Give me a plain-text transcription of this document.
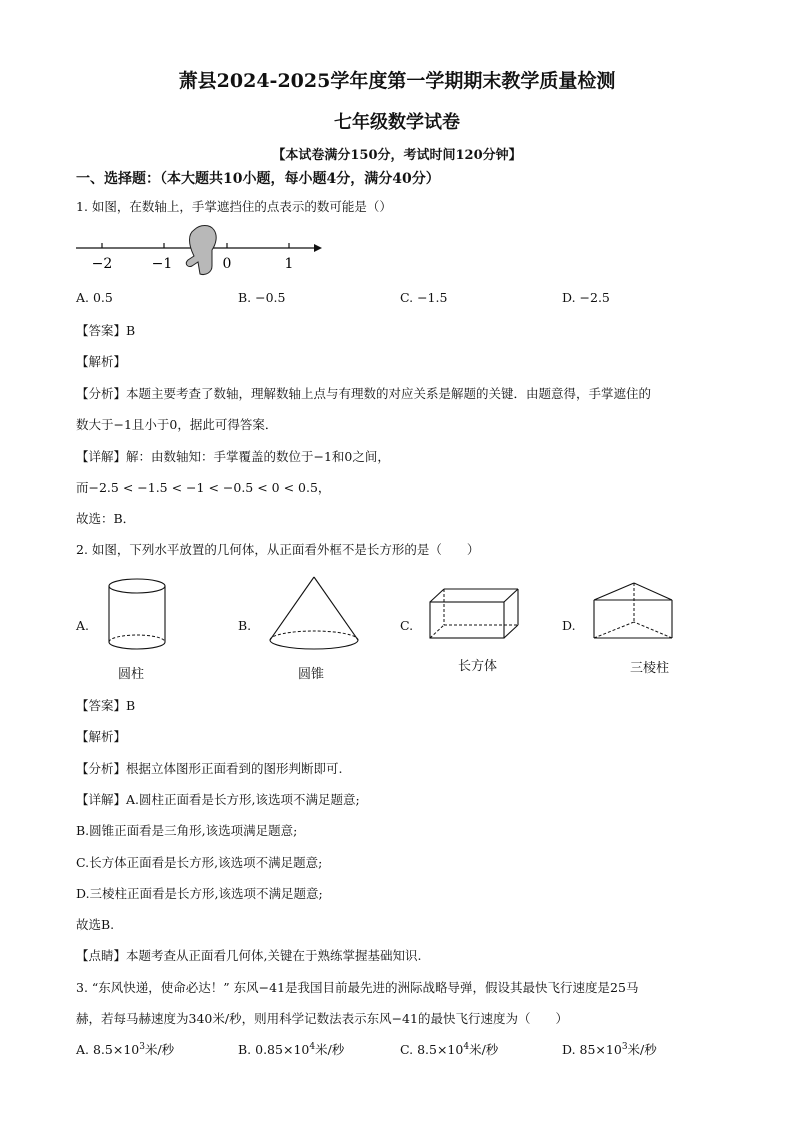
萧县2024-2025学年度第一学期期末教学质量检测
七年级数学试卷
【本试卷满分150分，考试时间120分钟】
一、选择题：（本大题共10小题，每小题4分，满分40分）
1. 如图，在数轴上，手掌遮挡住的点表示的数可能是（）
−2	−1	0	1
A. 0.5	B. −0.5	C. −1.5	D. −2.5
【答案】B
【解析】
【分析】本题主要考查了数轴，理解数轴上点与有理数的对应关系是解题的关键．由题意得，手掌遮住的
数大于−1且小于0，据此可得答案．
【详解】解：由数轴知：手掌覆盖的数位于−1和0之间，
而−2.5 < −1.5 < −1 < −0.5 < 0 < 0.5，
故选：B．
2. 如图，下列水平放置的几何体，从正面看外框不是长方形的是（　　）
A.
圆柱
B.
圆锥
C.
长方体
D.
三棱柱
【答案】B
【解析】
【分析】根据立体图形正面看到的图形判断即可.
【详解】A.圆柱正面看是长方形,该选项不满足题意;
B.圆锥正面看是三角形,该选项满足题意;
C.长方体正面看是长方形,该选项不满足题意;
D.三棱柱正面看是长方形,该选项不满足题意;
故选B.
【点睛】本题考查从正面看几何体,关键在于熟练掌握基础知识.
3. “东风快递，使命必达！” 东风−41是我国目前最先进的洲际战略导弹，假设其最快飞行速度是25马
赫，若每马赫速度为340米/秒，则用科学记数法表示东风−41的最快飞行速度为（　　）
A. $8.5\times 10^3$米/秒	B. $0.85\times 10^4$米/秒	C. $8.5\times 10^4$米/秒	D. $85\times 10^3$米/秒
